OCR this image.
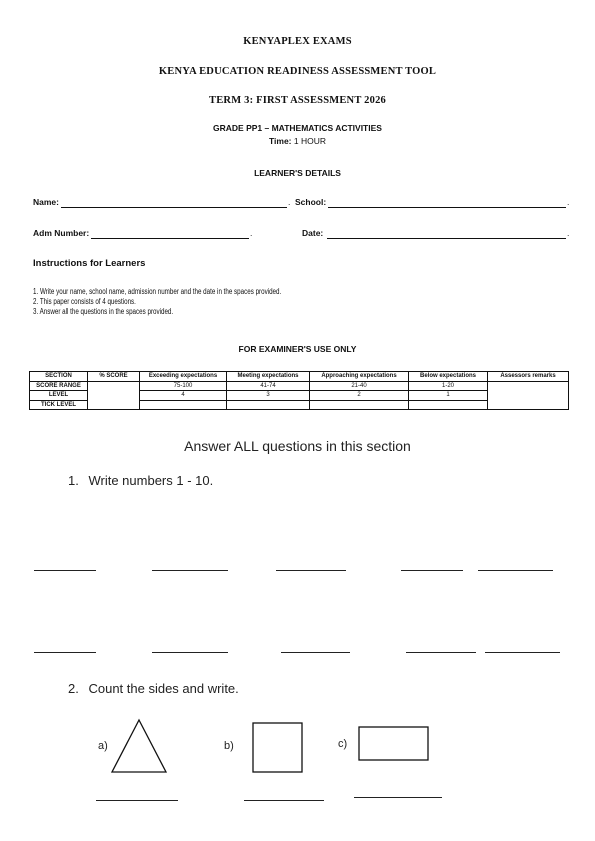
KENYAPLEX EXAMS
KENYA EDUCATION READINESS ASSESSMENT TOOL
TERM 3: FIRST ASSESSMENT 2026
GRADE PP1 – MATHEMATICS ACTIVITIES
Time: 1 HOUR
LEARNER'S DETAILS
Name:	. School:	.
Adm Number:	.	Date:	.
Instructions for Learners
1. Write your name, school name, admission number and the date in the spaces provided.
2. This paper consists of 4 questions.
3. Answer all the questions in the spaces provided.
FOR EXAMINER'S USE ONLY
SECTION	% SCORE	Exceeding expectations	Meeting expectations	Approaching expectations	Below expectations	Assessors remarks
SCORE RANGE		75-100	41-74	21-40	1-20	
LEVEL		4	3	2	1	
TICK LEVEL						
Answer ALL questions in this section
1. Write numbers 1 - 10.
2. Count the sides and write.
a)	b)	c)
